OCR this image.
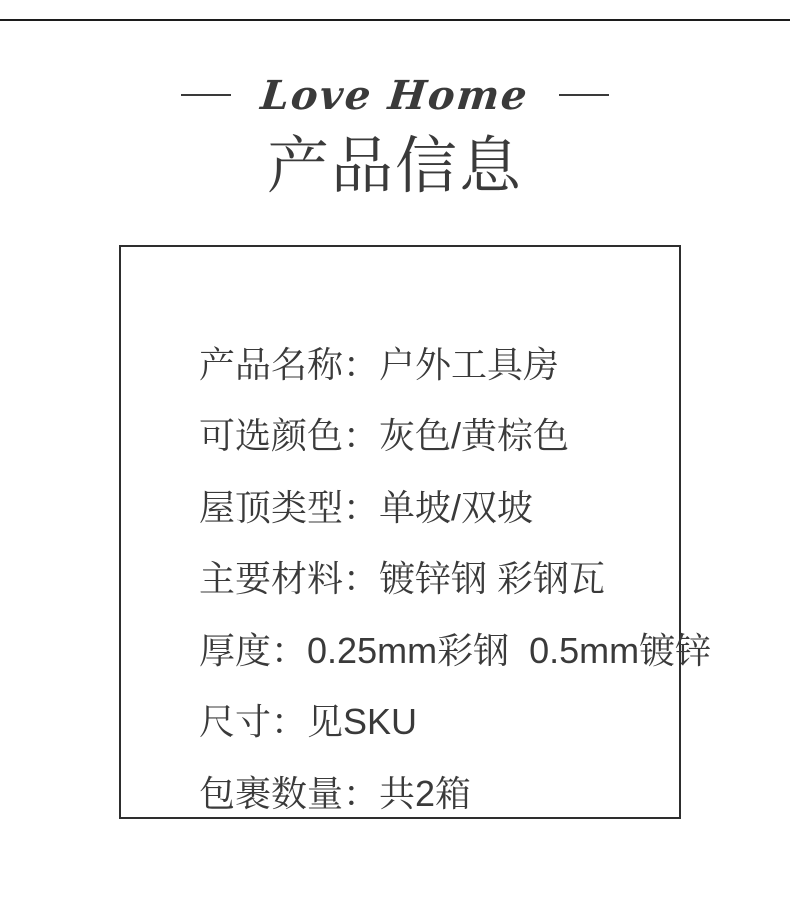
Love Home
产品信息

产品名称：户外工具房

可选颜色：灰色/黄棕色

屋顶类型：单坡/双坡

主要材料：镀锌钢 彩钢瓦

厚度：0.25mm彩钢  0.5mm镀锌

尺寸：见SKU

包裹数量：共2箱
